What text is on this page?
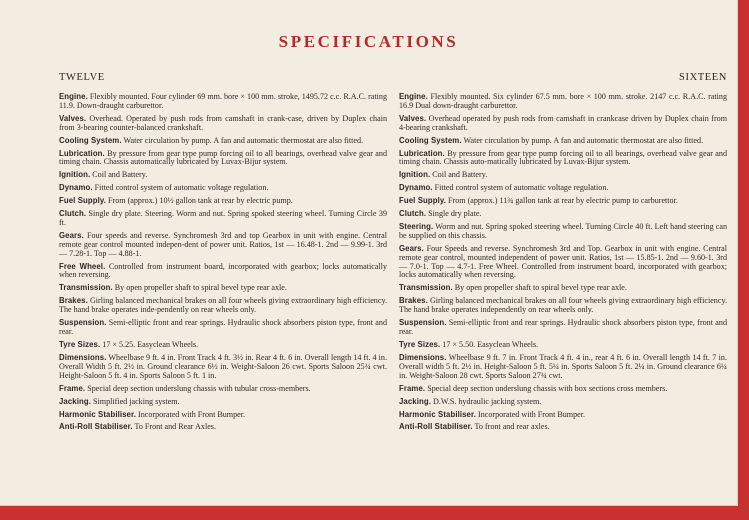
SPECIFICATIONS
TWELVE

Engine. Flexibly mounted. Four cylinder 69 mm. bore × 100 mm. stroke, 1495.72 c.c. R.A.C. rating 11.9. Down-draught carburettor.

Valves. Overhead. Operated by push rods from camshaft in crank-case, driven by Duplex chain from 3-bearing counter-balanced crankshaft.

Cooling System. Water circulation by pump. A fan and automatic thermostat are also fitted.

Lubrication. By pressure from gear type pump forcing oil to all bearings, overhead valve gear and timing chain. Chassis automatically lubricated by Luvax-Bijur system.

Ignition. Coil and Battery.

Dynamo. Fitted control system of automatic voltage regulation.

Fuel Supply. From (approx.) 10½ gallon tank at rear by electric pump.

Clutch. Single dry plate. Steering. Worm and nut. Spring spoked steering wheel. Turning Circle 39 ft.

Gears. Four speeds and reverse. Synchromesh 3rd and top Gearbox in unit with engine. Central remote gear control mounted indepen-dent of power unit. Ratios, 1st — 16.48-1. 2nd — 9.99-1. 3rd — 7.28-1. Top — 4.88-1.

Free Wheel. Controlled from instrument board, incorporated with gearbox; locks automatically when reversing.

Transmission. By open propeller shaft to spiral bevel type rear axle.

Brakes. Girling balanced mechanical brakes on all four wheels giving extraordinary high efficiency. The hand brake operates inde-pendently on rear wheels only.

Suspension. Semi-elliptic front and rear springs. Hydraulic shock absorbers piston type, front and rear.

Tyre Sizes. 17 × 5.25. Easyclean Wheels.

Dimensions. Wheelbase 9 ft. 4 in. Front Track 4 ft. 3½ in. Rear 4 ft. 6 in. Overall length 14 ft. 4 in. Overall Width 5 ft. 2½ in. Ground clearance 6½ in. Weight-Saloon 26 cwt. Sports Saloon 25¾ cwt. Height-Saloon 5 ft. 4 in. Sports Saloon 5 ft. 1 in.

Frame. Special deep section underslung chassis with tubular cross-members.

Jacking. Simplified jacking system.

Harmonic Stabiliser. Incorporated with Front Bumper.

Anti-Roll Stabiliser. To Front and Rear Axles.

SIXTEEN

Engine. Flexibly mounted. Six cylinder 67.5 mm. bore × 100 mm. stroke. 2147 c.c. R.A.C. rating 16.9 Dual down-draught carburettor.

Valves. Overhead operated by push rods from camshaft in crankcase driven by Duplex chain from 4-bearing crankshaft.

Cooling System. Water circulation by pump. A fan and automatic thermostat are also fitted.

Lubrication. By pressure from gear type pump forcing oil to all bearings, overhead valve gear and timing chain. Chassis auto-matically lubricated by Luvax-Bijur system.

Ignition. Coil and Battery.

Dynamo. Fitted control system of automatic voltage regulation.

Fuel Supply. From (approx.) 11¾ gallon tank at rear by electric pump to carburettor.

Clutch. Single dry plate.

Steering. Worm and nut. Spring spoked steering wheel. Turning Circle 40 ft. Left hand steering can be supplied on this chassis.

Gears. Four Speeds and reverse. Synchromesh 3rd and Top. Gearbox in unit with engine. Central remote gear control, mounted independent of power unit. Ratios, 1st — 15.85-1. 2nd — 9.60-1. 3rd — 7.0-1. Top — 4.7-1. Free Wheel. Controlled from instrument board, incorporated with gearbox; locks automatically when reversing.

Transmission. By open propeller shaft to spiral bevel type rear axle.

Brakes. Girling balanced mechanical brakes on all four wheels giving extraordinary high efficiency. The hand brake operates independently on rear wheels only.

Suspension. Semi-elliptic front and rear springs. Hydraulic shock absorbers piston type, front and rear.

Tyre Sizes. 17 × 5.50. Easyclean Wheels.

Dimensions. Wheelbase 9 ft. 7 in. Front Track 4 ft. 4 in., rear 4 ft. 6 in. Overall length 14 ft. 7 in. Overall width 5 ft. 2½ in. Height-Saloon 5 ft. 5¼ in. Sports Saloon 5 ft. 2¼ in. Ground clearance 6¼ in. Weight-Saloon 28 cwt. Sports Saloon 27¾ cwt.

Frame. Special deep section underslung chassis with box sections cross members.

Jacking. D.W.S. hydraulic jacking system.

Harmonic Stabiliser. Incorporated with Front Bumper.

Anti-Roll Stabiliser. To front and rear axles.
